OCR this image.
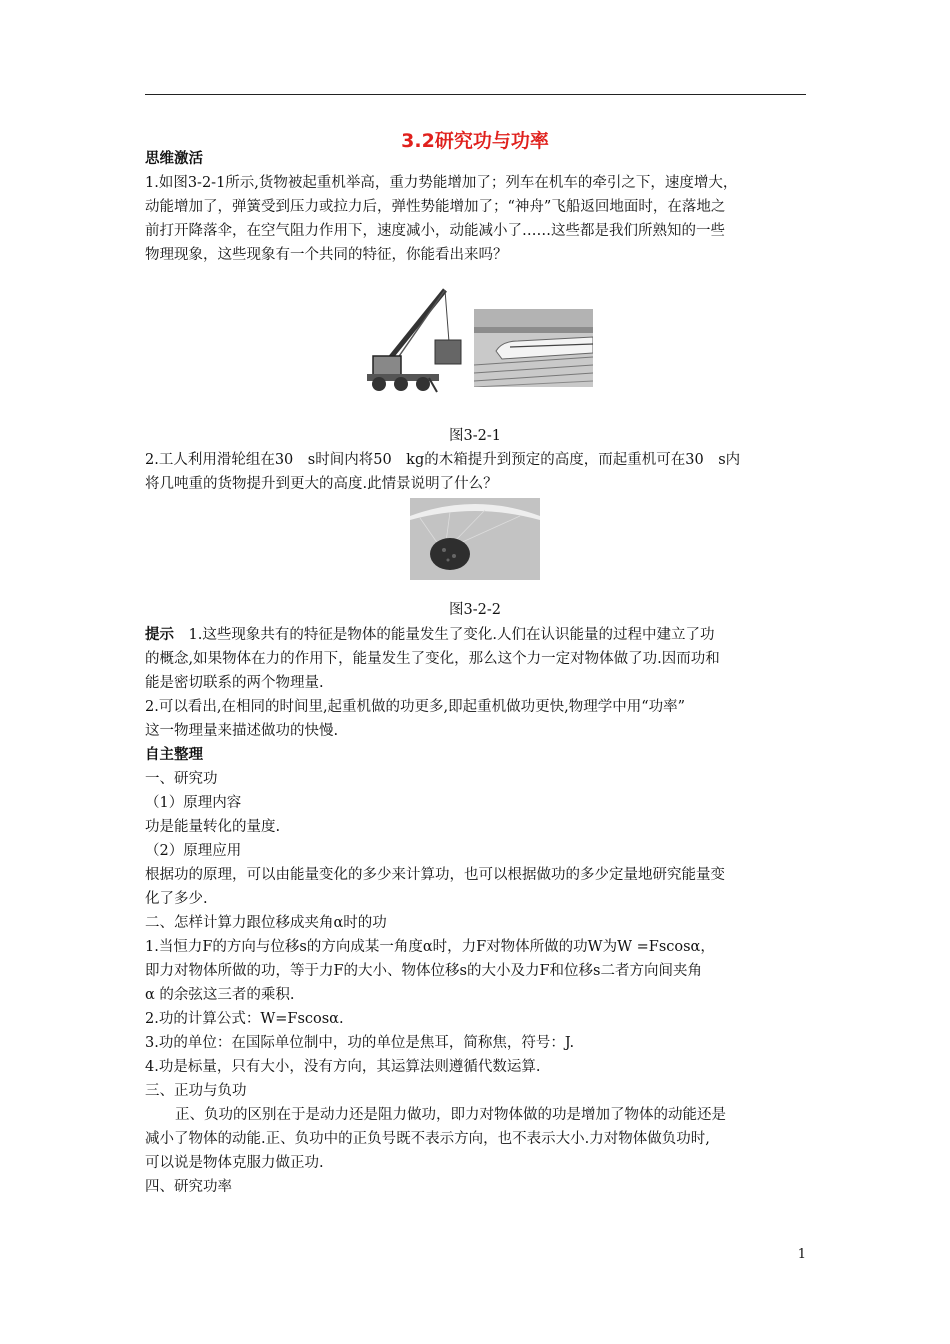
3.2研究功与功率

思维激活

1.如图3-2-1所示,货物被起重机举高，重力势能增加了；列车在机车的牵引之下，速度增大，

动能增加了，弹簧受到压力或拉力后，弹性势能增加了；“神舟”飞船返回地面时，在落地之

前打开降落伞，在空气阻力作用下，速度减小，动能减小了……这些都是我们所熟知的一些

物理现象，这些现象有一个共同的特征，你能看出来吗？

图3-2-1

2.工人利用滑轮组在30　s时间内将50　kg的木箱提升到预定的高度，而起重机可在30　s内

将几吨重的货物提升到更大的高度.此情景说明了什么？

图3-2-2

提示　1.这些现象共有的特征是物体的能量发生了变化.人们在认识能量的过程中建立了功

的概念,如果物体在力的作用下，能量发生了变化，那么这个力一定对物体做了功.因而功和

能是密切联系的两个物理量.

2.可以看出,在相同的时间里,起重机做的功更多,即起重机做功更快,物理学中用“功率”

这一物理量来描述做功的快慢.

自主整理

一、研究功

（1）原理内容

功是能量转化的量度.

（2）原理应用

根据功的原理，可以由能量变化的多少来计算功，也可以根据做功的多少定量地研究能量变

化了多少.

二、怎样计算力跟位移成夹角α时的功

1.当恒力F的方向与位移s的方向成某一角度α时，力F对物体所做的功W为W =Fscosα，

即力对物体所做的功，等于力F的大小、物体位移s的大小及力F和位移s二者方向间夹角

α 的余弦这三者的乘积.

2.功的计算公式：W=Fscosα.

3.功的单位：在国际单位制中，功的单位是焦耳，简称焦，符号：J.

4.功是标量，只有大小，没有方向，其运算法则遵循代数运算.

三、正功与负功

正、负功的区别在于是动力还是阻力做功，即力对物体做的功是增加了物体的动能还是

减小了物体的动能.正、负功中的正负号既不表示方向，也不表示大小.力对物体做负功时,

可以说是物体克服力做正功.

四、研究功率

1
